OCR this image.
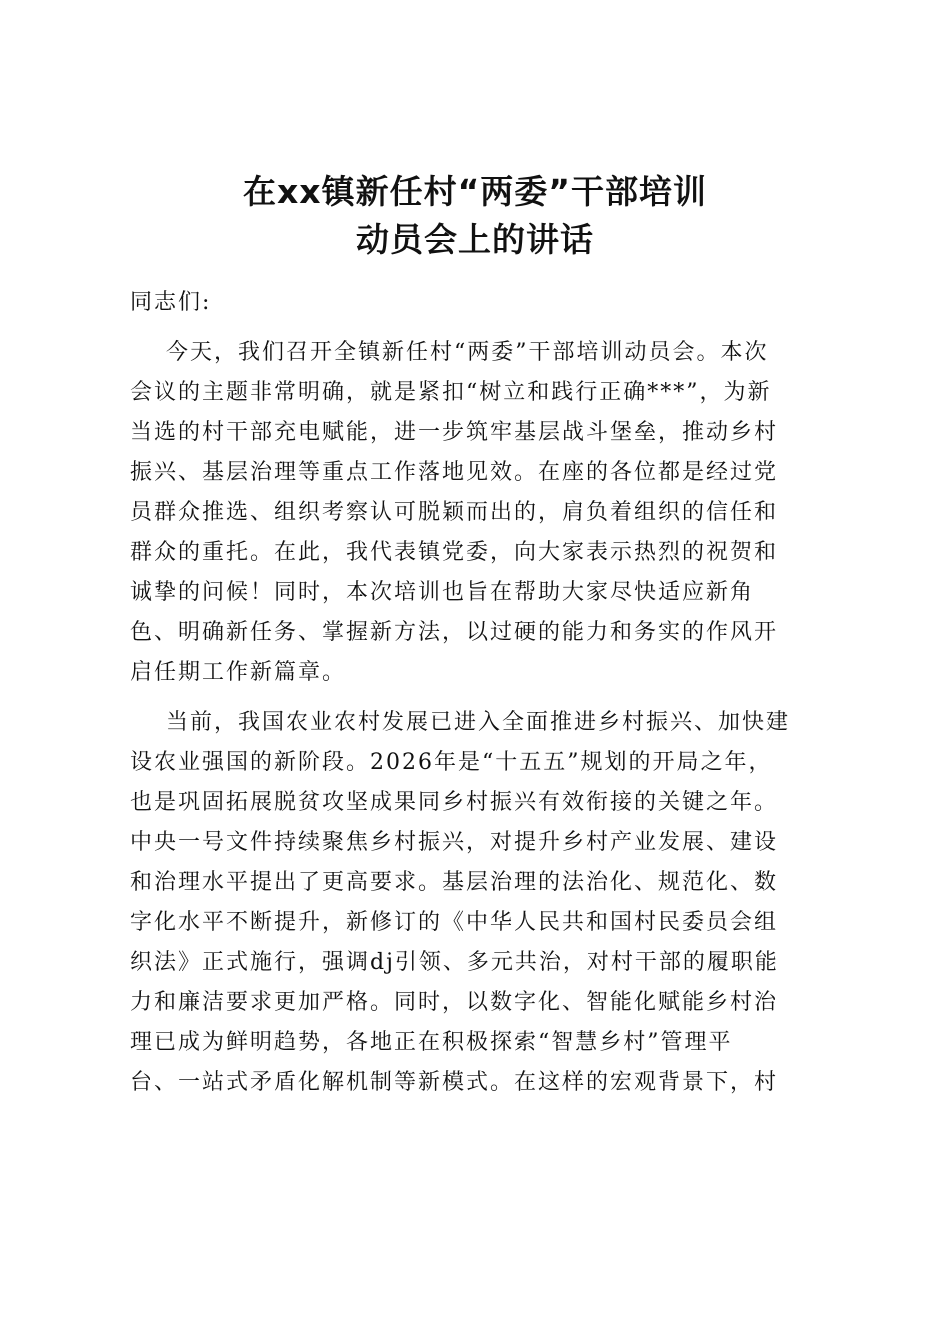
在xx镇新任村“两委”干部培训
动员会上的讲话
同志们:
今天，我们召开全镇新任村“两委”干部培训动员会。本次
会议的主题非常明确，就是紧扣“树立和践行正确***”，为新
当选的村干部充电赋能，进一步筑牢基层战斗堡垒，推动乡村
振兴、基层治理等重点工作落地见效。在座的各位都是经过党
员群众推选、组织考察认可脱颖而出的，肩负着组织的信任和
群众的重托。在此，我代表镇党委，向大家表示热烈的祝贺和
诚挚的问候！同时，本次培训也旨在帮助大家尽快适应新角
色、明确新任务、掌握新方法，以过硬的能力和务实的作风开
启任期工作新篇章。
当前，我国农业农村发展已进入全面推进乡村振兴、加快建
设农业强国的新阶段。2026年是“十五五”规划的开局之年，
也是巩固拓展脱贫攻坚成果同乡村振兴有效衔接的关键之年。
中央一号文件持续聚焦乡村振兴，对提升乡村产业发展、建设
和治理水平提出了更高要求。基层治理的法治化、规范化、数
字化水平不断提升，新修订的《中华人民共和国村民委员会组
织法》正式施行，强调dj引领、多元共治，对村干部的履职能
力和廉洁要求更加严格。同时，以数字化、智能化赋能乡村治
理已成为鲜明趋势，各地正在积极探索“智慧乡村”管理平
台、一站式矛盾化解机制等新模式。在这样的宏观背景下，村
